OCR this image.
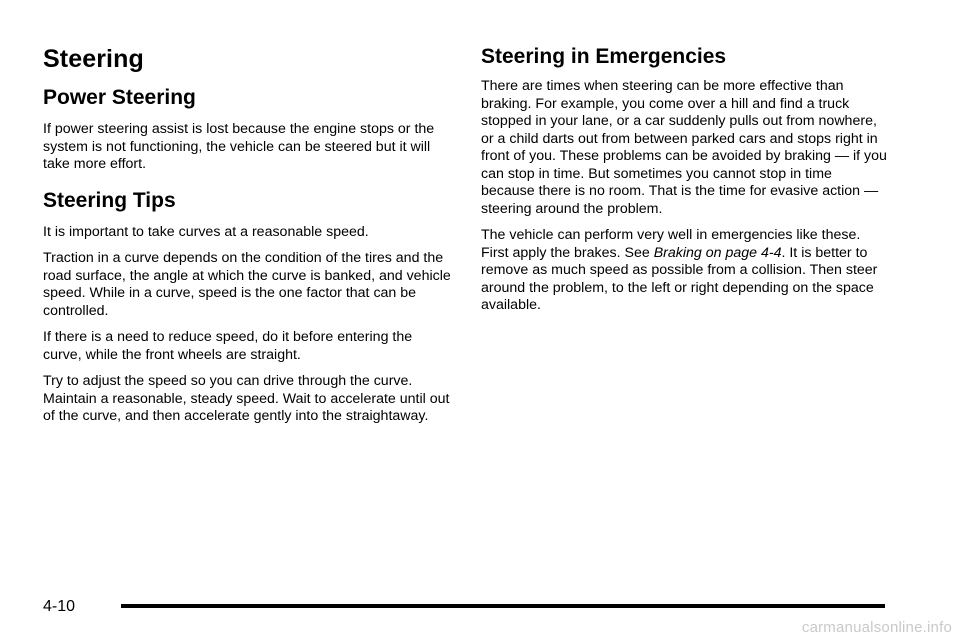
Steering
Power Steering

If power steering assist is lost because the engine stops or the system is not functioning, the vehicle can be steered but it will take more effort.

Steering Tips

It is important to take curves at a reasonable speed.

Traction in a curve depends on the condition of the tires and the road surface, the angle at which the curve is banked, and vehicle speed. While in a curve, speed is the one factor that can be controlled.

If there is a need to reduce speed, do it before entering the curve, while the front wheels are straight.

Try to adjust the speed so you can drive through the curve. Maintain a reasonable, steady speed. Wait to accelerate until out of the curve, and then accelerate gently into the straightaway.

Steering in Emergencies

There are times when steering can be more effective than braking. For example, you come over a hill and find a truck stopped in your lane, or a car suddenly pulls out from nowhere, or a child darts out from between parked cars and stops right in front of you. These problems can be avoided by braking — if you can stop in time. But sometimes you cannot stop in time because there is no room. That is the time for evasive action — steering around the problem.

The vehicle can perform very well in emergencies like these. First apply the brakes. See Braking on page 4-4. It is better to remove as much speed as possible from a collision. Then steer around the problem, to the left or right depending on the space available.

4-10
carmanualsonline.info
